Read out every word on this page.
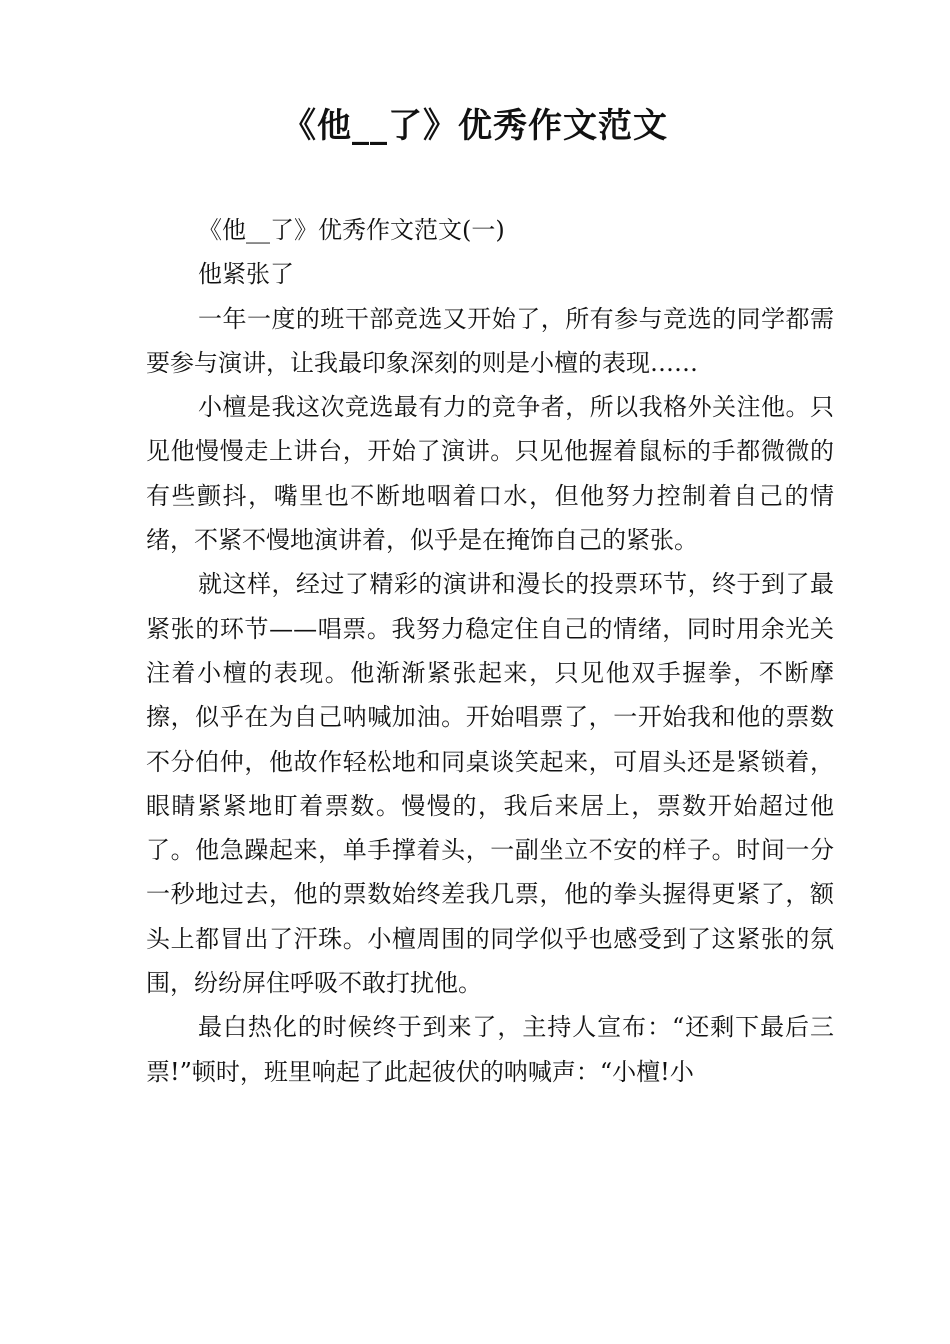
《他__了》优秀作文范文

《他__了》优秀作文范文(一)

他紧张了

一年一度的班干部竞选又开始了，所有参与竞选的同学都需要参与演讲，让我最印象深刻的则是小檀的表现……

小檀是我这次竞选最有力的竞争者，所以我格外关注他。只见他慢慢走上讲台，开始了演讲。只见他握着鼠标的手都微微的有些颤抖，嘴里也不断地咽着口水，但他努力控制着自己的情绪，不紧不慢地演讲着，似乎是在掩饰自己的紧张。

就这样，经过了精彩的演讲和漫长的投票环节，终于到了最紧张的环节——唱票。我努力稳定住自己的情绪，同时用余光关注着小檀的表现。他渐渐紧张起来，只见他双手握拳，不断摩擦，似乎在为自己呐喊加油。开始唱票了，一开始我和他的票数不分伯仲，他故作轻松地和同桌谈笑起来，可眉头还是紧锁着，眼睛紧紧地盯着票数。慢慢的，我后来居上，票数开始超过他了。他急躁起来，单手撑着头，一副坐立不安的样子。时间一分一秒地过去，他的票数始终差我几票，他的拳头握得更紧了，额头上都冒出了汗珠。小檀周围的同学似乎也感受到了这紧张的氛围，纷纷屏住呼吸不敢打扰他。

最白热化的时候终于到来了，主持人宣布：“还剩下最后三票!”顿时，班里响起了此起彼伏的呐喊声：“小檀!小
